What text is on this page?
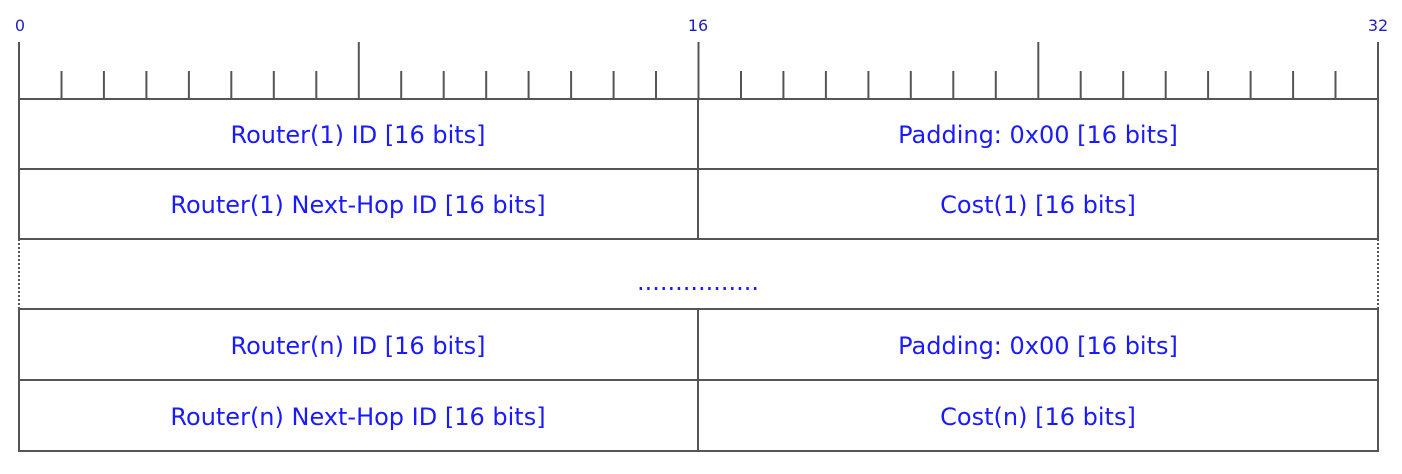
0	16	32
Router(1) ID [16 bits]	Padding: 0x00 [16 bits]
Router(1) Next-Hop ID [16 bits]	Cost(1) [16 bits]
................
Router(n) ID [16 bits]	Padding: 0x00 [16 bits]
Router(n) Next-Hop ID [16 bits]	Cost(n) [16 bits]
